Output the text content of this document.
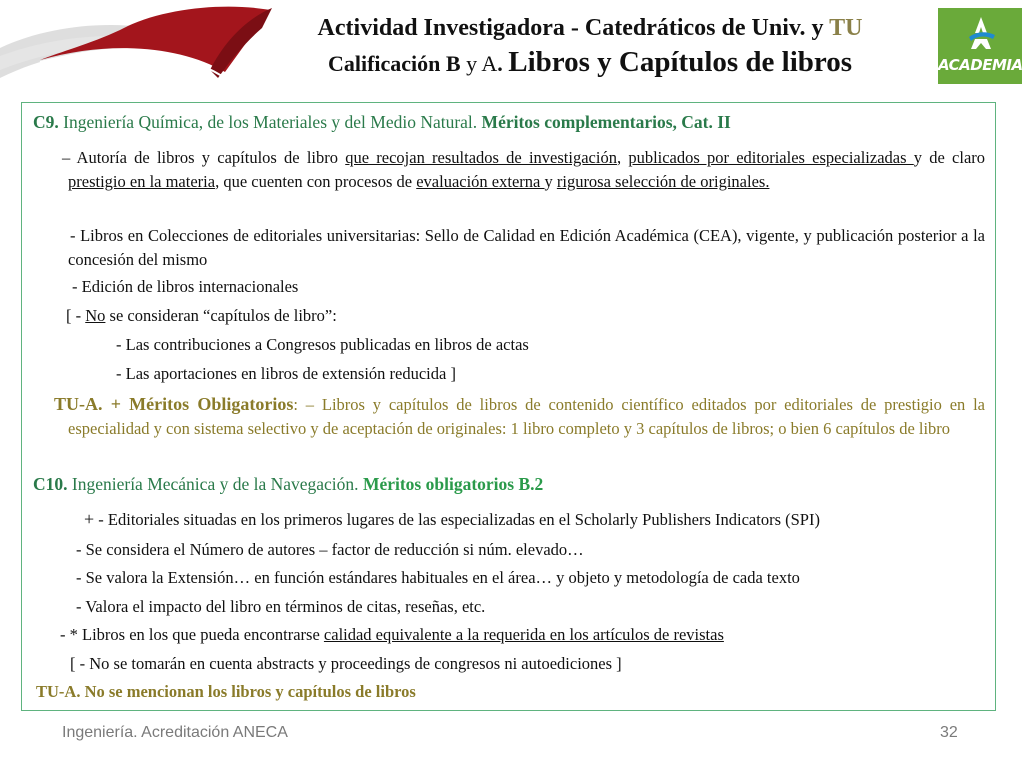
Actividad Investigadora - Catedráticos de Univ. y TU
Calificación B y A. Libros y Capítulos de libros	ACADEMIA
C9. Ingeniería Química, de los Materiales y del Medio Natural. Méritos complementarios, Cat. II
– Autoría de libros y capítulos de libro que recojan resultados de investigación, publicados por editoriales especializadas y de claro prestigio en la materia, que cuenten con procesos de evaluación externa y rigurosa selección de originales.
- Libros en Colecciones de editoriales universitarias: Sello de Calidad en Edición Académica (CEA), vigente, y publicación posterior a la concesión del mismo
- Edición de libros internacionales
[ - No se consideran “capítulos de libro”:
- Las contribuciones a Congresos publicadas en libros de actas
- Las aportaciones en libros de extensión reducida ]
TU-A. + Méritos Obligatorios: – Libros y capítulos de libros de contenido científico editados por editoriales de prestigio en la especialidad y con sistema selectivo y de aceptación de originales: 1 libro completo y 3 capítulos de libros; o bien 6 capítulos de libro
C10. Ingeniería Mecánica y de la Navegación. Méritos obligatorios B.2
+ - Editoriales situadas en los primeros lugares de las especializadas en el Scholarly Publishers Indicators (SPI)
- Se considera el Número de autores – factor de reducción si núm. elevado…
- Se valora la Extensión… en función estándares habituales en el área… y objeto y metodología de cada texto
- Valora el impacto del libro en términos de citas, reseñas, etc.
- * Libros en los que pueda encontrarse calidad equivalente a la requerida en los artículos de revistas
[ - No se tomarán en cuenta abstracts y proceedings de congresos ni autoediciones ]
TU-A. No se mencionan los libros y capítulos de libros
Ingeniería. Acreditación ANECA	32
